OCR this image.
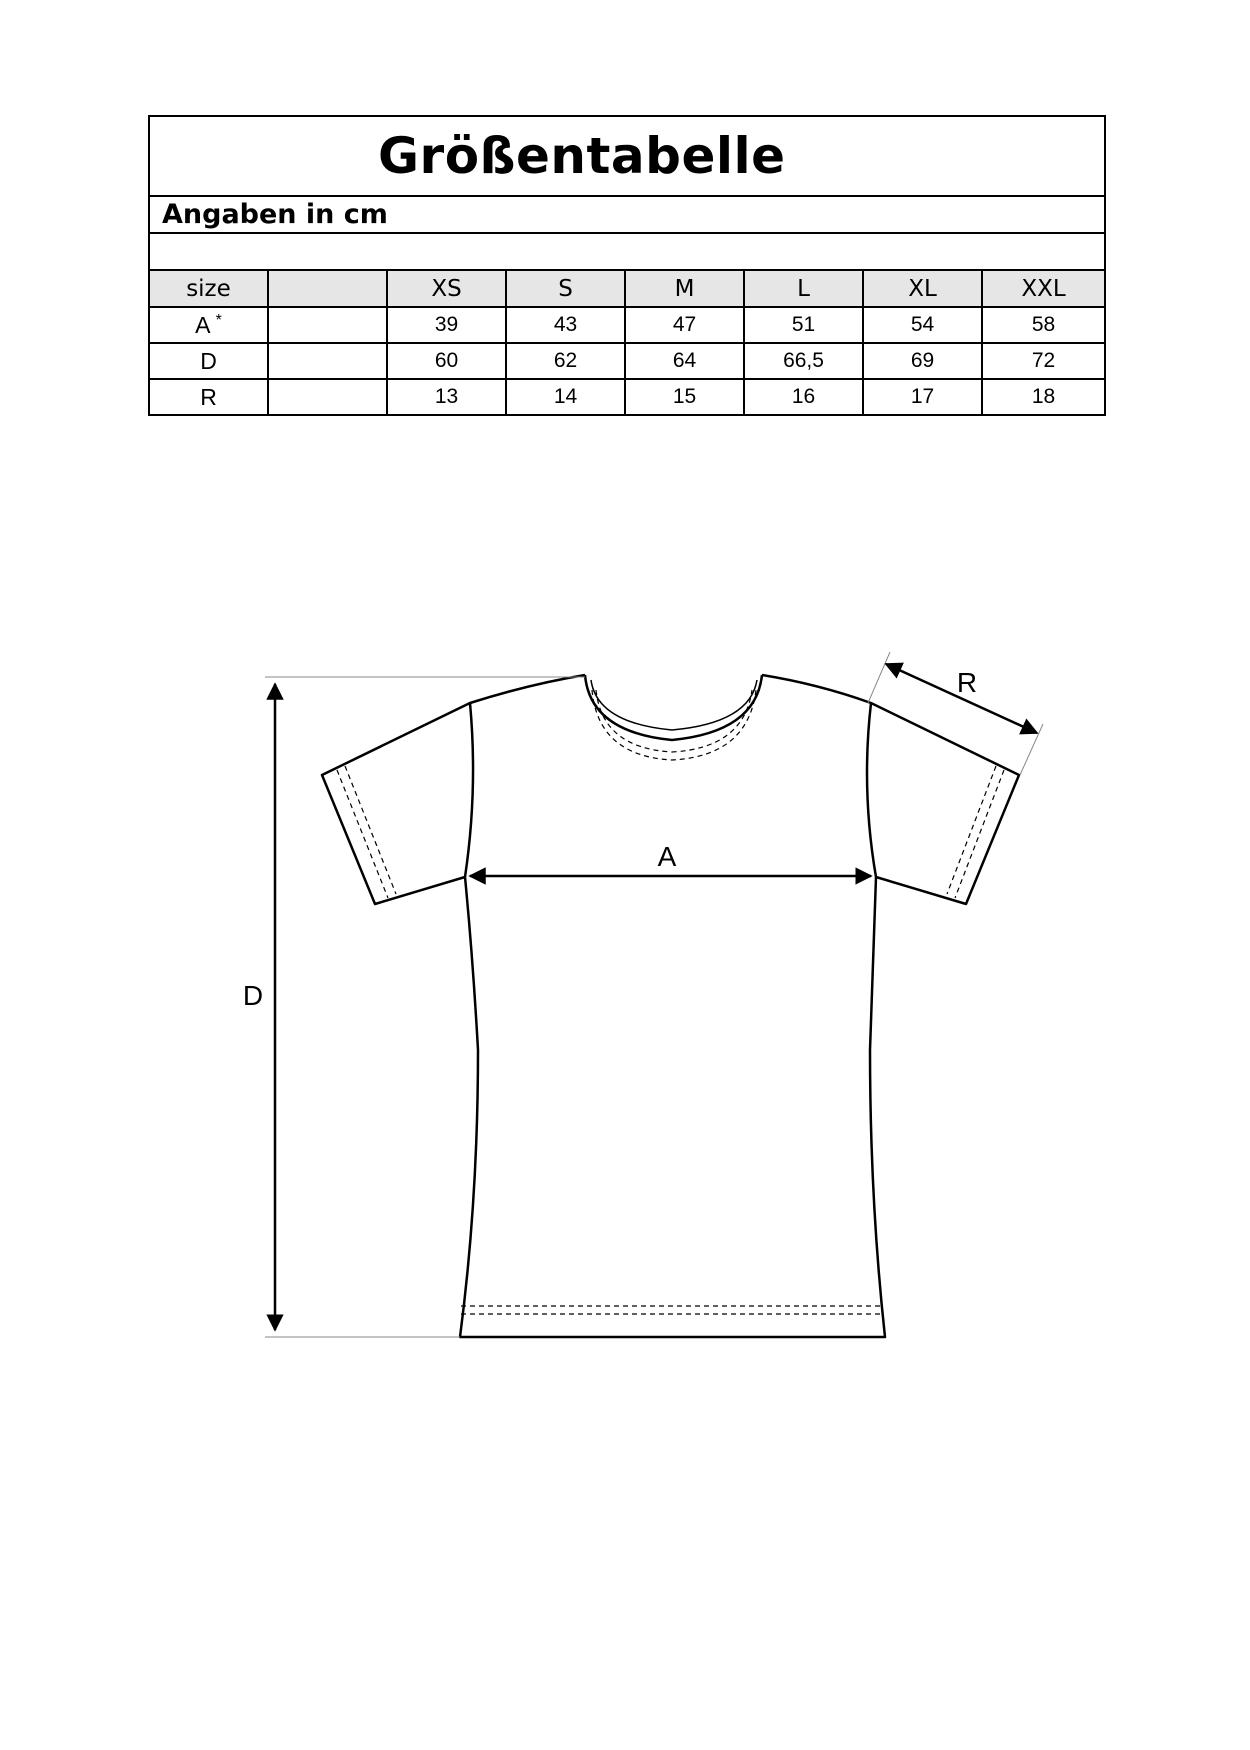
Größentabelle							
Angaben in cm							

size		XS	S	M	L	XL	XXL
A *		39	43	47	51	54	58
D		60	62	64	66,5	69	72
R		13	14	15	16	17	18
A
D
R
